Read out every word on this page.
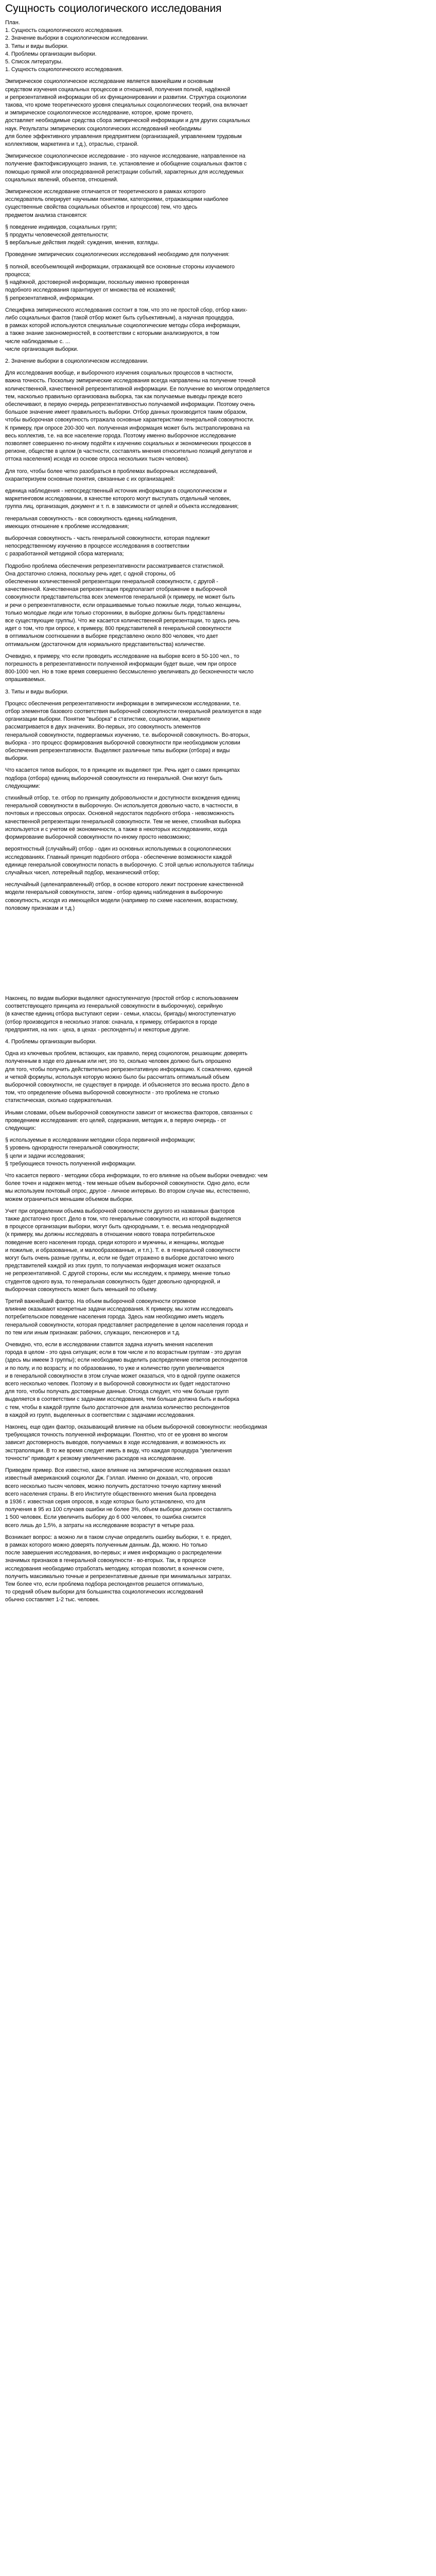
Сущность социологического исследования

План.

1. Сущность социологического исследования.

2. Значение выборки в социологическом исследовании.

3. Типы и виды выборки.

4. Проблемы организации выборки.

5. Список литературы.

1. Сущность социологического исследования.

Эмпирическое социологическое исследование является важнейшим и основным

средством изучения социальных процессов и отношений, получения полной, надёжной

и репрезентативной информации об их функционировании и развитии. Структура социологии

такова, что кроме теоретического уровня специальных социологических теорий, она включает

и эмпирическое социологическое исследование, которое, кроме прочего,

доставляет необходимые средства сбора эмпирической информации и для других социальных

наук. Результаты эмпирических социологических исследований необходимы

для более эффективного управления предприятием (организацией, управлением трудовым

коллективом, маркетинга и т.д.), отраслью, страной.

Эмпирическое социологическое исследование - это научное исследование, направленное на

получение фактофиксирующего знания, т.е. установление и обобщение социальных фактов с

помощью прямой или опосредованной регистрации событий, характерных для исследуемых

социальных явлений, объектов, отношений.

Эмпирическое исследование отличается от теоретического в рамках которого

исследователь оперирует научными понятиями, категориями, отражающими наиболее

существенные свойства социальных объектов и процессов) тем, что здесь

предметом анализа становятся:

§ поведение индивидов, социальных групп;

§ продукты человеческой деятельности;

§ вербальные действия людей: суждения, мнения, взгляды.

Проведение эмпирических социологических исследований необходимо для получения:

§ полной, всеобъемлющей информации, отражающей все основные стороны изучаемого

процесса;

§ надёжной, достоверной информации, поскольку именно проверенная

подобного исследования гарантирует от множества её искажений;

§ репрезентативной, информации.

Специфика эмпирического исследования состоит в том, что это не простой сбор, отбор каких-

либо социальных фактов (такой отбор может быть субъективным), а научная процедура,

в рамках которой используются специальные социологические методы сбора информации,

а также знание закономерностей, в соответствии с которыми анализируются, в том

числе наблюдаемые с. ...

числе организация выборки.

2. Значение выборки в социологическом исследовании.

Для исследования вообще, и выборочного изучения социальных процессов в частности,

важна точность. Поскольку эмпирические исследования всегда направлены на получение точной

количественной, качественной репрезентативной информации. Ее получение во многом определяется

тем, насколько правильно организована выборка, так как получаемые выводы прежде всего

обеспечивают, в первую очередь репрезентативностью получаемой информации. Поэтому очень

большое значение имеет правильность выборки. Отбор данных производится таким образом,

чтобы выборочная совокупность отражала основные характеристики генеральной совокупности.

К примеру, при опросе 200-300 чел. полученная информация может быть экстраполирована на

весь коллектив, т.е. на все население города. Поэтому именно выборочное исследование

позволяет совершенно по-иному подойти к изучению социальных и экономических процессов в

регионе, обществе в целом (в частности, составлять мнения относительно позиций депутатов и

оттока населения) исходя из основе опроса нескольких тысяч человек).

Для того, чтобы более четко разобраться в проблемах выборочных исследований,

охарактеризуем основные понятия, связанные с их организацией:

единица наблюдения - непосредственный источник информации в социологическом и

маркетинговом исследовании, в качестве которого могут выступать отдельный человек,

группа лиц, организация, документ и т. п. в зависимости от целей и объекта исследования;

генеральная совокупность - вся совокупность единиц наблюдения,

имеющих отношение к проблеме исследования;

выборочная совокупность - часть генеральной совокупности, которая подлежит

непосредственному изучению в процессе исследования в соответствии

с разработанной методикой сбора материала;

Подробно проблема обеспечения репрезентативности рассматривается статистикой.

Она достаточно сложна, поскольку речь идет, с одной стороны, об

обеспечении количественной репрезентации генеральной совокупности, с другой -

качественной. Качественная репрезентация предполагает отображение в выборочной

совокупности представительства всех элементов генеральной (к примеру, не может быть

и речи о репрезентативности, если опрашиваемые только пожилые люди, только женщины,

только молодые люди или только сторонники, в выборке должны быть представлены

все существующие группы). Что же касается количественной репрезентации, то здесь речь

идет о том, что при опросе, к примеру, 800 представителей в генеральной совокупности

в оптимальном соотношении в выборке представлено около 800 человек, что дает

оптимальном (достаточном для нормального представительства) количестве.

Очевидно, к примеру, что если проводить исследование на выборке всего в 50-100 чел., то

погрешность в репрезентативности полученной информации будет выше, чем при опросе

800-1000 чел. Но в тоже время совершенно бессмысленно увеличивать до бесконечности число

опрашиваемых.

3. Типы и виды выборки.

Процесс обеспечения репрезентативности информации в эмпирическом исследовании, т.е.

отбор элементов базового соответствия выборочной совокупности генеральной реализуется в ходе

организации выборки. Понятие "выборка" в статистике, социологии, маркетинге

рассматривается в двух значениях. Во-первых, это совокупность элементов

генеральной совокупности, подвергаемых изучению, т.е. выборочной совокупность. Во-вторых,

выборка - это процесс формирования выборочной совокупности при необходимом условии

обеспечения репрезентативности. Выделяют различные типы выборки (отбора) и виды

выборки.

Что касается типов выборок, то в принципе их выделяют три. Речь идет о самих принципах

подбора (отбора) единиц выборочной совокупности из генеральной. Они могут быть

следующими:

стихийный отбор, т.е. отбор по принципу добровольности и доступности вхождения единиц

генеральной совокупности в выборочную. Он используется довольно часто, в частности, в

почтовых и прессовых опросах. Основной недостаток подобного отбора - невозможность

качественной репрезентации генеральной совокупности. Тем не менее, стихийная выборка

используется и с учетом её экономичности, а также в некоторых исследованиях, когда

формирование выборочной совокупности по-иному просто невозможно;

вероятностный (случайный) отбор - один из основных используемых в социологических

исследованиях. Главный принцип подобного отбора - обеспечение возможности каждой

единице генеральной совокупности попасть в выборочную. С этой целью используются таблицы

случайных чисел, лотерейный подбор, механический отбор;

неслучайный (целенаправленный) отбор, в основе которого лежит построение качественной

модели генеральной совокупности, затем - отбор единиц наблюдения в выборочную

совокупность, исходя из имеющейся модели (например по схеме населения, возрастному,

половому признакам и т.д.)

Наконец, по видам выборки выделяют одноступенчатую (простой отбор с использованием

соответствующего принципа из генеральной совокупности в выборочную), серийную

(в качестве единиц отбора выступают серии - семьи, классы, бригады) многоступенчатую

(отбор производится в несколько этапов: сначала, к примеру, отбираются в городе

предприятия, на них - цеха, в цехах - респонденты) и некоторые другие.

4. Проблемы организации выборки.

Одна из ключевых проблем, встающих, как правило, перед социологом, решающим: доверять

полученным в ходе его данным или нет, это то, сколько человек должно быть опрошено

для того, чтобы получить действительно репрезентативную информацию. К сожалению, единой

и четкой формулы, используя которую можно было бы рассчитать оптимальный объем

выборочной совокупности, не существует в природе. И объясняется это весьма просто. Дело в

том, что определение объема выборочной совокупности - это проблема не столько

статистическая, сколько содержательная.

Иными словами, объем выборочной совокупности зависит от множества факторов, связанных с

проведением исследования: его целей, содержания, методик и, в первую очередь - от

следующих:

§ используемые в исследовании методики сбора первичной информации;

§ уровень однородности генеральной совокупности;

§ цели и задачи исследования;

§ требующиеся точность полученной информации.

Что касается первого - методики сбора информации, то его влияние на объем выборки очевидно: чем

более точен и надежен метод - тем меньше объем выборочной совокупности. Одно дело, если

мы используем почтовый опрос, другое - личное интервью. Во втором случае мы, естественно,

можем ограничиться меньшим объемом выборки.

Учет при определении объема выборочной совокупности другого из названных факторов

также достаточно прост. Дело в том, что генеральные совокупности, из которой выделяется

в процессе организации выборки, могут быть однородными, т. е. весьма неоднородной

(к примеру, мы должны исследовать в отношении нового товара потребительское

поведение всего населения города, среди которого и мужчины, и женщины, молодые

и пожилые, и образованные, и малообразованные, и т.п.). Т. е. в генеральной совокупности

могут быть очень разные группы, и, если не будет отражено в выборке достаточно много

представителей каждой из этих групп, то получаемая информация может оказаться

не репрезентативной. С другой стороны, если мы исследуем, к примеру, мнение только

студентов одного вуза, то генеральная совокупность будет довольно однородной, и

выборочная совокупность может быть меньшей по объему.

Третий важнейший фактор. На объем выборочной совокупности огромное

влияние оказывают конкретные задачи исследования. К примеру, мы хотим исследовать

потребительское поведение населения города. Здесь нам необходимо иметь модель

генеральной совокупности, которая представляет распределение в целом населения города и

по тем или иным признакам: рабочих, служащих, пенсионеров и т.д.

Очевидно, что, если в исследовании ставится задача изучить мнения населения

города в целом - это одна ситуация; если в том числе и по возрастным группам - это другая

(здесь мы имеем 3 группы); если необходимо выделить распределение ответов респондентов

и по полу, и по возрасту, и по образованию, то уже и количество групп увеличивается

и в генеральной совокупности в этом случае может оказаться, что в одной группе окажется

всего несколько человек. Поэтому и в выборочной совокупности их будет недостаточно

для того, чтобы получать достоверные данные. Отсюда следует, что чем больше групп

выделяется в соответствии с задачами исследования, тем больше должна быть и выборка

с тем, чтобы в каждой группе было достаточное для анализа количество респондентов

в каждой из групп, выделенных в соответствии с задачами исследования.

Наконец, еще один фактор, оказывающий влияние на объем выборочной совокупности: необходимая

требующаяся точность полученной информации. Понятно, что от ее уровня во многом

зависит достоверность выводов, получаемых в ходе исследования, и возможность их

экстраполяции. В то же время следует иметь в виду, что каждая процедура "увеличения

точности" приводит к резкому увеличению расходов на исследование.

Приведем пример. Все известно, какое влияние на эмпирические исследования оказал

известный американский социолог Дж. Гэллап. Именно он доказал, что, опросив

всего несколько тысяч человек, можно получить достаточно точную картину мнений

всего населения страны. В его Институте общественного мнения была проведена

в 1936 г. известная серия опросов, в ходе которых было установлено, что для

получения в 95 из 100 случаев ошибки не более 3%, объем выборки должен составлять

1 500 человек. Если увеличить выборку до 6 000 человек, то ошибка снизится

всего лишь до 1,5%, а затраты на исследование возрастут в четыре раза.

Возникает вопрос: а можно ли в таком случае определить ошибку выборки, т. е. предел,

в рамках которого можно доверять полученным данным. Да, можно. Но только

после завершения исследования, во-первых; и имея информацию о распределении

значимых признаков в генеральной совокупности - во-вторых. Так, в процессе

исследования необходимо отработать методику, которая позволит, в конечном счете,

получить максимально точные и репрезентативные данные при минимальных затратах.

Тем более что, если проблема подбора респондентов решается оптимально,

то средний объем выборки для большинства социологических исследований

обычно составляет 1-2 тыс. человек.
